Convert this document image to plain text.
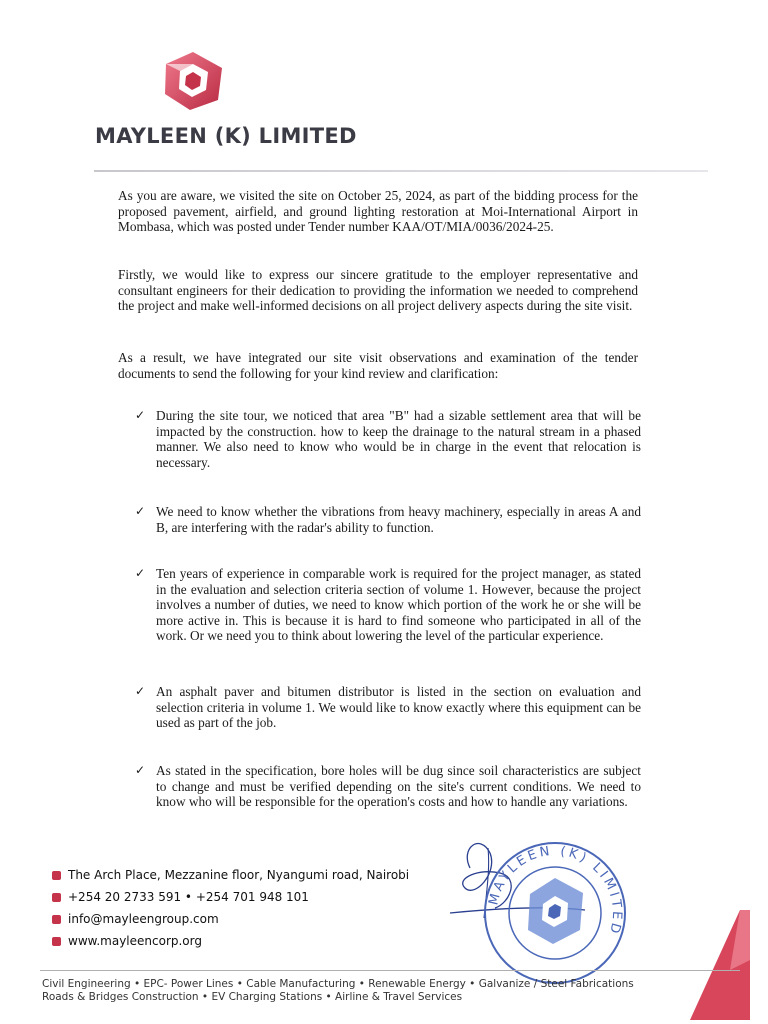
MAYLEEN (K) LIMITED

As you are aware, we visited the site on October 25, 2024, as part of the bidding process for the proposed pavement, airfield, and ground lighting restoration at Moi-International Airport in Mombasa, which was posted under Tender number KAA/OT/MIA/0036/2024-25.

Firstly, we would like to express our sincere gratitude to the employer representative and consultant engineers for their dedication to providing the information we needed to comprehend the project and make well-informed decisions on all project delivery aspects during the site visit.

As a result, we have integrated our site visit observations and examination of the tender documents to send the following for your kind review and clarification:

✓ During the site tour, we noticed that area "B" had a sizable settlement area that will be impacted by the construction. how to keep the drainage to the natural stream in a phased manner. We also need to know who would be in charge in the event that relocation is necessary.
✓ We need to know whether the vibrations from heavy machinery, especially in areas A and B, are interfering with the radar's ability to function.
✓ Ten years of experience in comparable work is required for the project manager, as stated in the evaluation and selection criteria section of volume 1. However, because the project involves a number of duties, we need to know which portion of the work he or she will be more active in. This is because it is hard to find someone who participated in all of the work. Or we need you to think about lowering the level of the particular experience.
✓ An asphalt paver and bitumen distributor is listed in the section on evaluation and selection criteria in volume 1. We would like to know exactly where this equipment can be used as part of the job.
✓ As stated in the specification, bore holes will be dug since soil characteristics are subject to change and must be verified depending on the site's current conditions. We need to know who will be responsible for the operation's costs and how to handle any variations.
MAYLEEN (K) LIMITED
The Arch Place, Mezzanine floor, Nyangumi road, Nairobi
+254 20 2733 591 • +254 701 948 101
info@mayleengroup.com
www.mayleencorp.org
Civil Engineering • EPC- Power Lines • Cable Manufacturing • Renewable Energy • Galvanize / Steel Fabrications
Roads & Bridges Construction • EV Charging Stations • Airline & Travel Services
